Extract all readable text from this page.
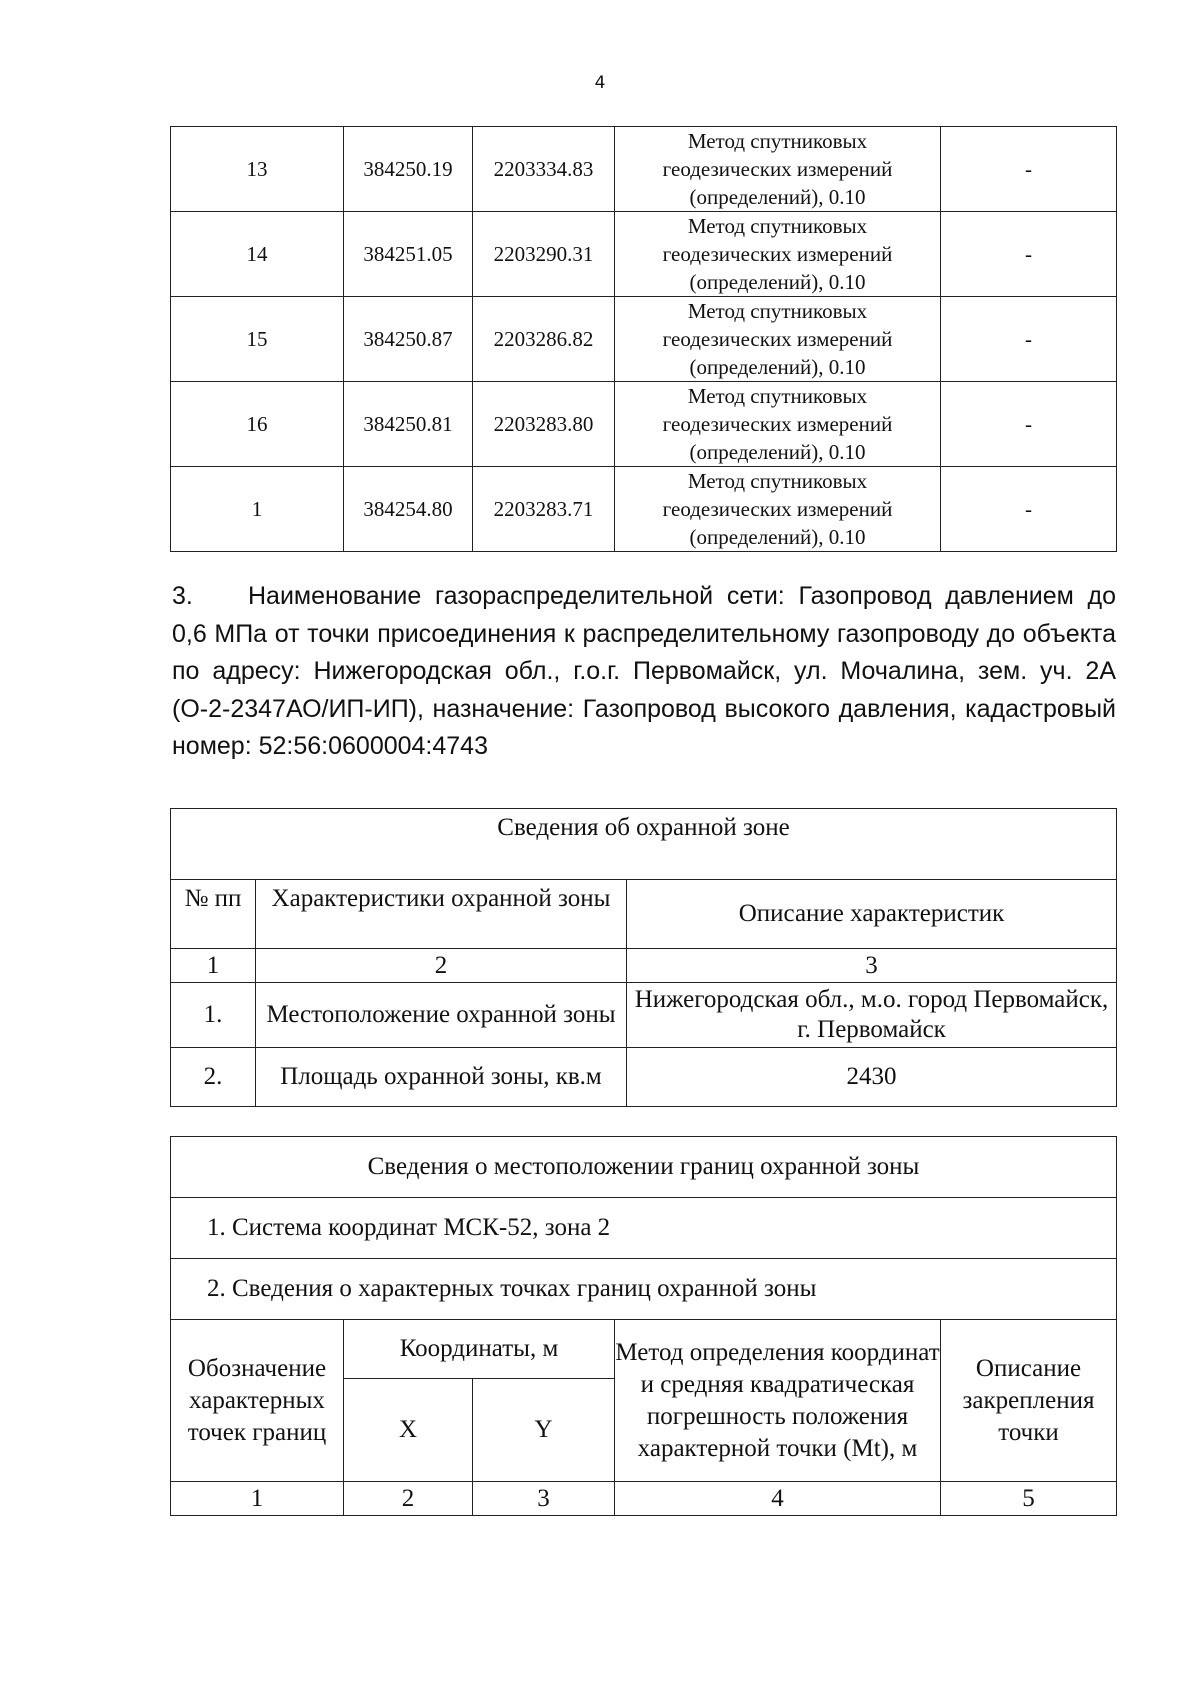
4
13	384250.19	2203334.83	Метод спутниковых
геодезических измерений
(определений), 0.10	-
14	384251.05	2203290.31	Метод спутниковых
геодезических измерений
(определений), 0.10	-
15	384250.87	2203286.82	Метод спутниковых
геодезических измерений
(определений), 0.10	-
16	384250.81	2203283.80	Метод спутниковых
геодезических измерений
(определений), 0.10	-
1	384254.80	2203283.71	Метод спутниковых
геодезических измерений
(определений), 0.10	-
3. Наименование газораспределительной сети: Газопровод давлением до 0,6 МПа от точки присоединения к распределительному газопроводу до объекта по адресу: Нижегородская обл., г.о.г. Первомайск, ул. Мочалина, зем. уч. 2А (О-2-2347АО/ИП-ИП), назначение: Газопровод высокого давления, кадастровый номер: 52:56:0600004:4743
Сведения об охранной зоне		
№ пп	Характеристики охранной зоны	Описание характеристик
1	2	3
1.	Местоположение охранной зоны	Нижегородская обл., м.о. город Первомайск, г. Первомайск
2.	Площадь охранной зоны, кв.м	2430
Сведения о местоположении границ охранной зоны				
1. Система координат МСК-52, зона 2				
2. Сведения о характерных точках границ охранной зоны				
Обозначение характерных точек границ	Координаты, м		Метод определения координат и средняя квадратическая погрешность положения характерной точки (Mt), м	Описание закрепления точки
	X	Y		
1	2	3	4	5
